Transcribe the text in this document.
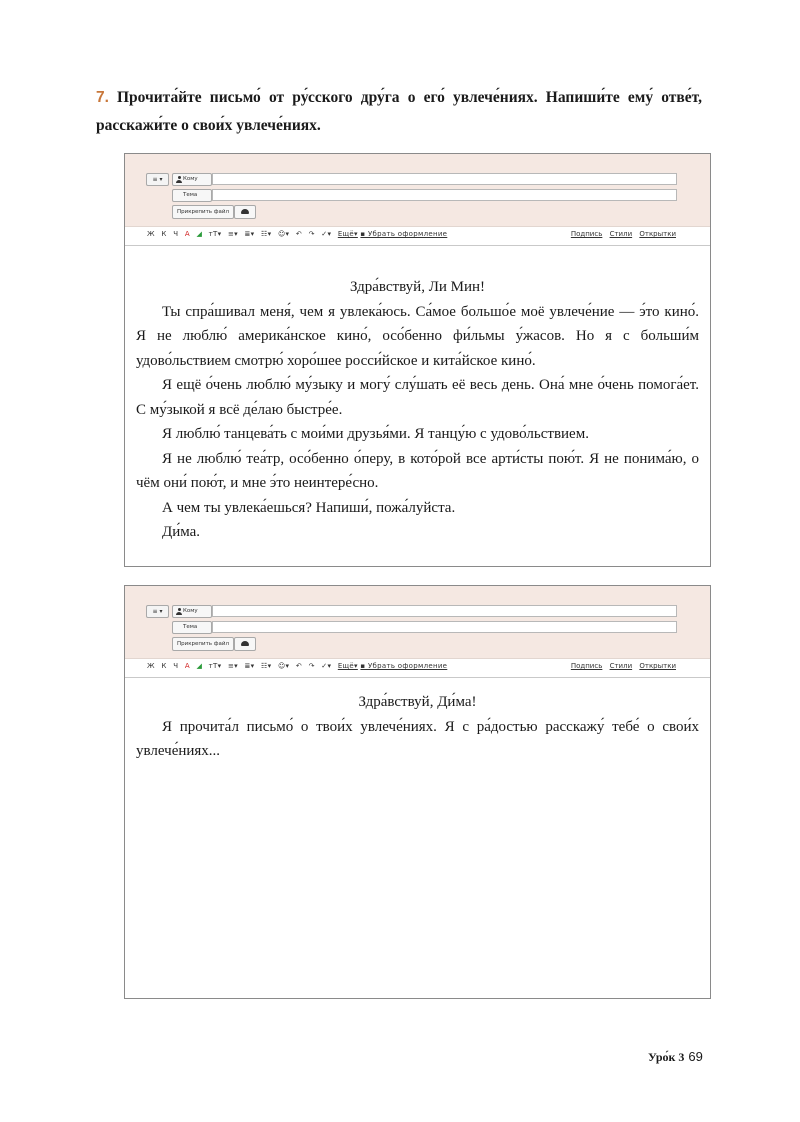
7. Прочита́йте письмо́ от ру́сского дру́га о его́ увлече́ниях. Напиши́те ему́ отве́т, расскажи́те о свои́х увлече́ниях.
≡ ▾	Кому
Тема
Прикрепить файл
Ж К Ч A ◢ тТ▾ ≡▾ ≣▾ ☷▾ ☺▾ ↶ ↷ ✓▾ Ещё▾ ▪ Убрать оформление	Подпись Стили Открытки
Здра́вствуй, Ли Мин!
Ты спра́шивал меня́, чем я увлека́юсь. Са́мое большо́е моё увлече́ние — э́то кино́. Я не люблю́ америка́нское кино́, осо́бенно фи́льмы у́жасов. Но я с больши́м удово́льствием смотрю́ хоро́шее росси́йское и кита́йское кино́.
Я ещё о́чень люблю́ му́зыку и могу́ слу́шать её весь день. Она́ мне о́чень помога́ет. С му́зыкой я всё де́лаю быстре́е.
Я люблю́ танцева́ть с мои́ми друзья́ми. Я танцу́ю с удово́льствием.
Я не люблю́ теа́тр, осо́бенно о́перу, в кото́рой все арти́сты пою́т. Я не понима́ю, о чём они́ пою́т, и мне э́то неинтере́сно.
А чем ты увлека́ешься? Напиши́, пожа́луйста.
Ди́ма.
≡ ▾	Кому
Тема
Прикрепить файл
Ж К Ч A ◢ тТ▾ ≡▾ ≣▾ ☷▾ ☺▾ ↶ ↷ ✓▾ Ещё▾ ▪ Убрать оформление	Подпись Стили Открытки
Здра́вствуй, Ди́ма!
Я прочита́л письмо́ о твои́х увлече́ниях. Я с ра́достью расскажу́ тебе́ о свои́х увлече́ниях...
Уро́к 3 69
